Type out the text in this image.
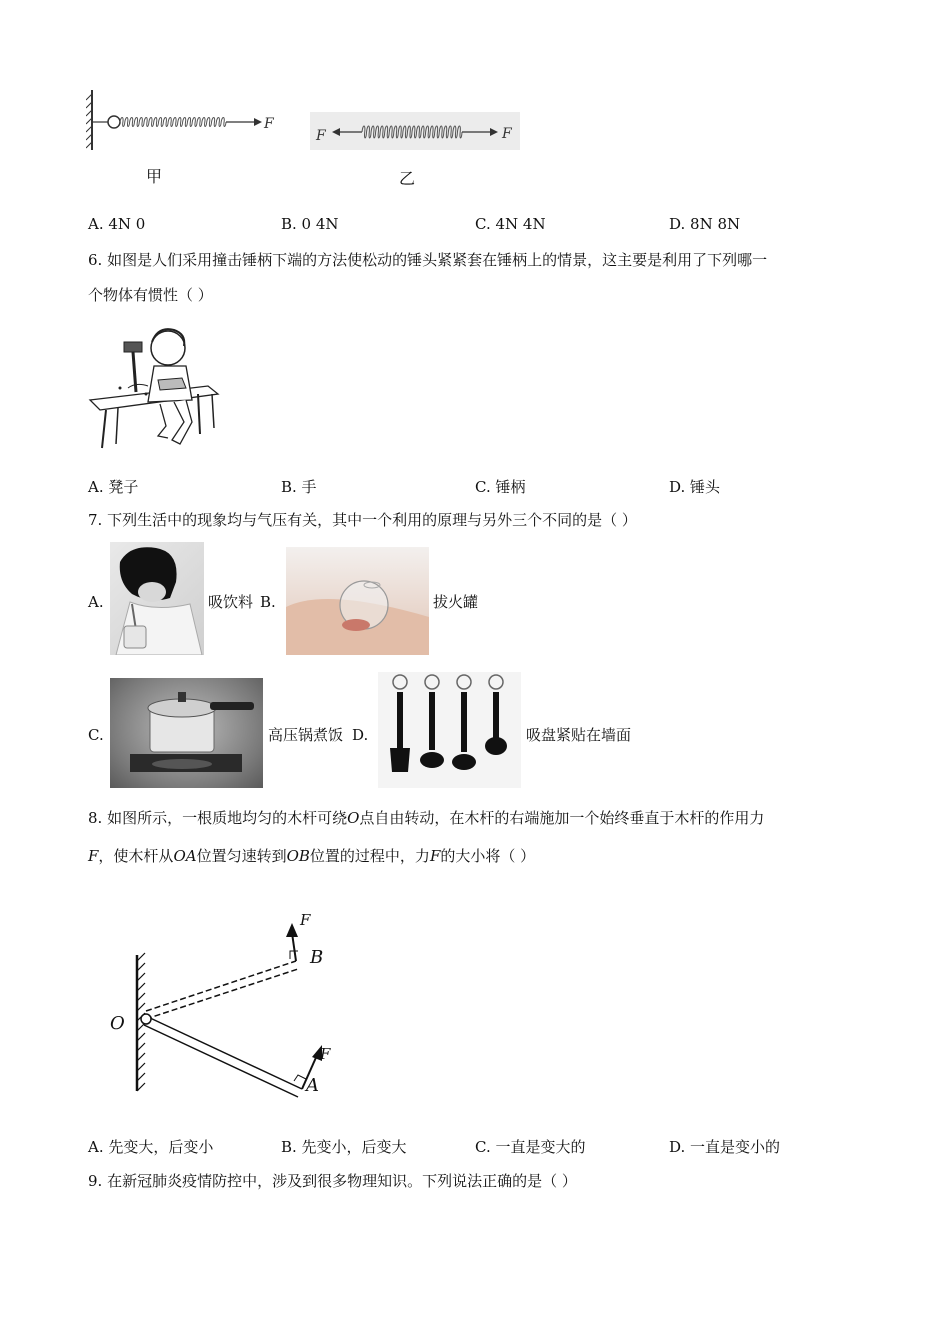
F
甲
F	F
乙
A. 4N 0	B. 0 4N	C. 4N 4N	D. 8N 8N
6. 如图是人们采用撞击锤柄下端的方法使松动的锤头紧紧套在锤柄上的情景，这主要是利用了下列哪一
个物体有惯性（ ）
A. 凳子	B. 手	C. 锤柄	D. 锤头
7. 下列生活中的现象均与气压有关，其中一个利用的原理与另外三个不同的是（ ）
A.	吸饮料 B.	拔火罐
C.	高压锅煮饭 D.	吸盘紧贴在墙面
8. 如图所示，一根质地均匀的木杆可绕O点自由转动，在木杆的右端施加一个始终垂直于木杆的作用力
F，使木杆从OA位置匀速转到OB位置的过程中，力F的大小将（ ）
O
A
B
F
F
A. 先变大，后变小	B. 先变小，后变大	C. 一直是变大的	D. 一直是变小的
9. 在新冠肺炎疫情防控中，涉及到很多物理知识。下列说法正确的是（ ）
